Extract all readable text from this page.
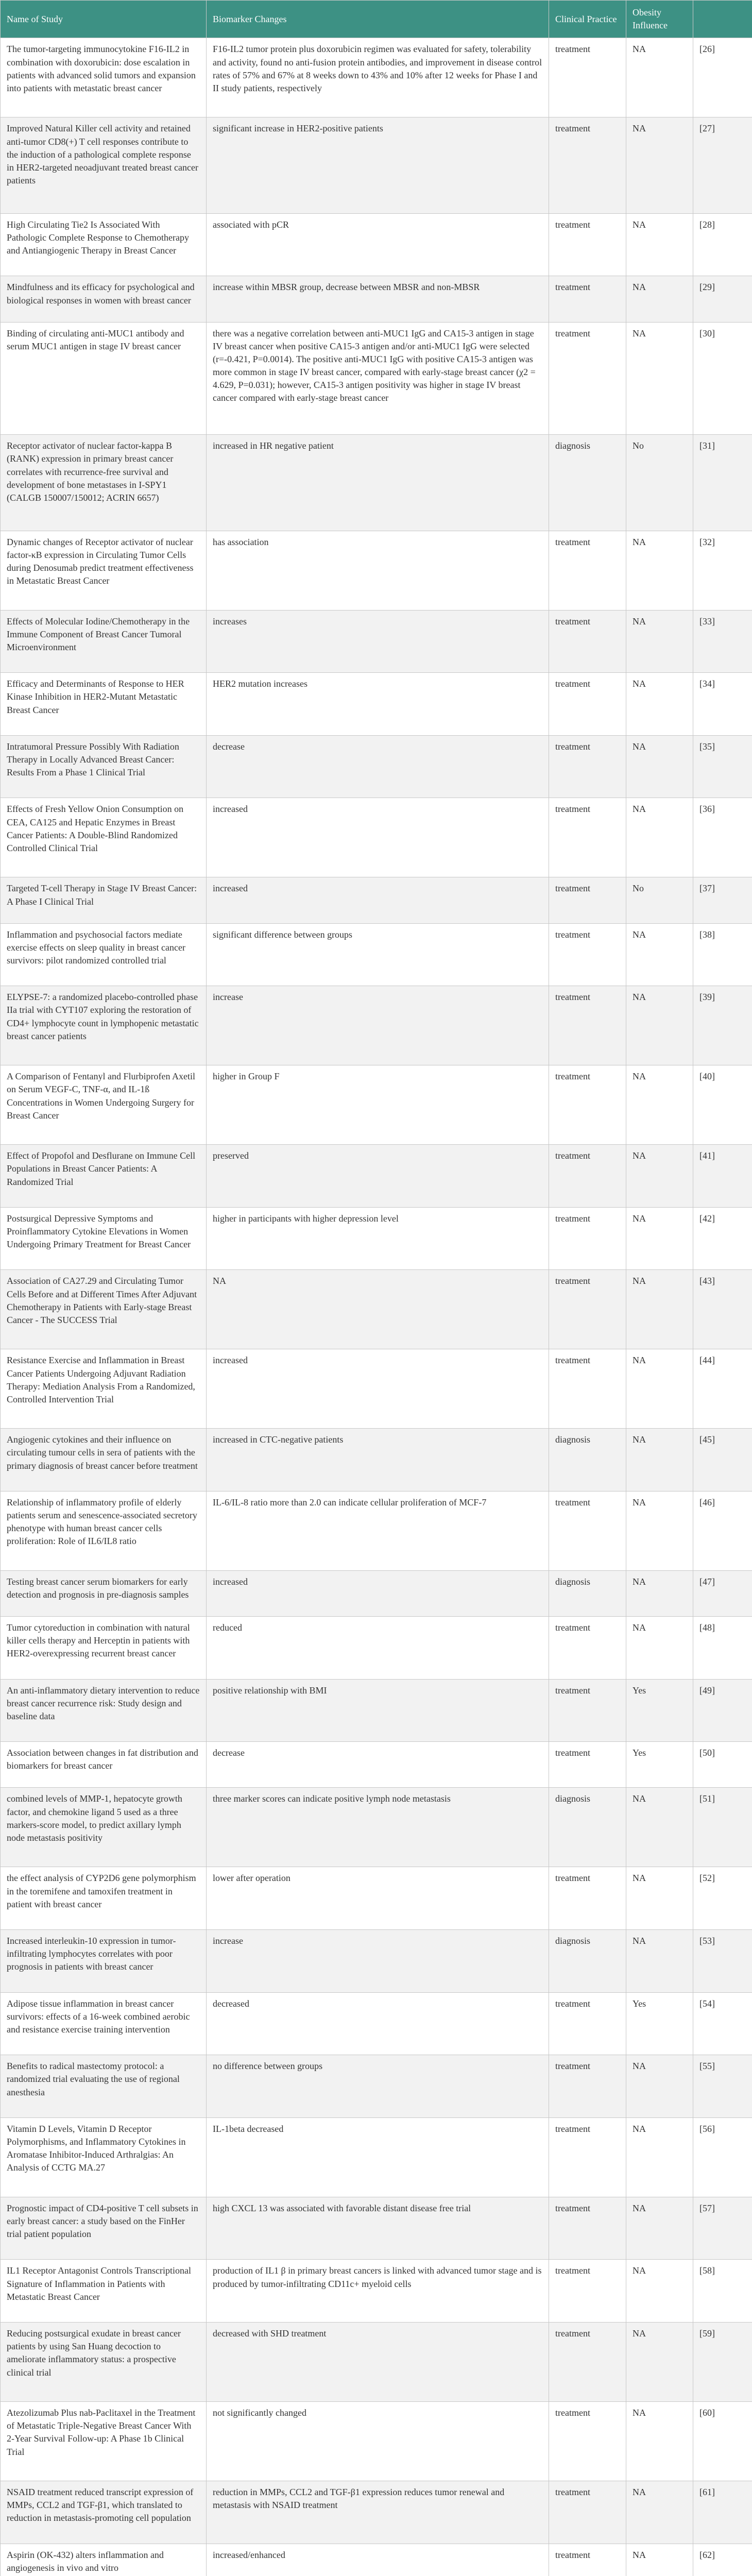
Name of Study	Biomarker Changes	Clinical Practice	Obesity Influence	
The tumor-targeting immunocytokine F16-IL2 in combination with doxorubicin: dose escalation in patients with advanced solid tumors and expansion into patients with metastatic breast cancer	F16-IL2 tumor protein plus doxorubicin regimen was evaluated for safety, tolerability and activity, found no anti-fusion protein antibodies, and improvement in disease control rates of 57% and 67% at 8 weeks down to 43% and 10% after 12 weeks for Phase I and II study patients, respectively	treatment	NA	[26]
Improved Natural Killer cell activity and retained anti-tumor CD8(+) T cell responses contribute to the induction of a pathological complete response in HER2-targeted neoadjuvant treated breast cancer patients	significant increase in HER2-positive patients	treatment	NA	[27]
High Circulating Tie2 Is Associated With Pathologic Complete Response to Chemotherapy and Antiangiogenic Therapy in Breast Cancer	associated with pCR	treatment	NA	[28]
Mindfulness and its efficacy for psychological and biological responses in women with breast cancer	increase within MBSR group, decrease between MBSR and non-MBSR	treatment	NA	[29]
Binding of circulating anti-MUC1 antibody and serum MUC1 antigen in stage IV breast cancer	there was a negative correlation between anti-MUC1 IgG and CA15-3 antigen in stage IV breast cancer when positive CA15-3 antigen and/or anti-MUC1 IgG were selected (r=-0.421, P=0.0014). The positive anti-MUC1 IgG with positive CA15-3 antigen was more common in stage IV breast cancer, compared with early-stage breast cancer (χ2 = 4.629, P=0.031); however, CA15-3 antigen positivity was higher in stage IV breast cancer compared with early-stage breast cancer	treatment	NA	[30]
Receptor activator of nuclear factor-kappa B (RANK) expression in primary breast cancer correlates with recurrence-free survival and development of bone metastases in I-SPY1 (CALGB 150007/150012; ACRIN 6657)	increased in HR negative patient	diagnosis	No	[31]
Dynamic changes of Receptor activator of nuclear factor-κB expression in Circulating Tumor Cells during Denosumab predict treatment effectiveness in Metastatic Breast Cancer	has association	treatment	NA	[32]
Effects of Molecular Iodine/Chemotherapy in the Immune Component of Breast Cancer Tumoral Microenvironment	increases	treatment	NA	[33]
Efficacy and Determinants of Response to HER Kinase Inhibition in HER2-Mutant Metastatic Breast Cancer	HER2 mutation increases	treatment	NA	[34]
Intratumoral Pressure Possibly With Radiation Therapy in Locally Advanced Breast Cancer: Results From a Phase 1 Clinical Trial	decrease	treatment	NA	[35]
Effects of Fresh Yellow Onion Consumption on CEA, CA125 and Hepatic Enzymes in Breast Cancer Patients: A Double-Blind Randomized Controlled Clinical Trial	increased	treatment	NA	[36]
Targeted T-cell Therapy in Stage IV Breast Cancer: A Phase I Clinical Trial	increased	treatment	No	[37]
Inflammation and psychosocial factors mediate exercise effects on sleep quality in breast cancer survivors: pilot randomized controlled trial	significant difference between groups	treatment	NA	[38]
ELYPSE-7: a randomized placebo-controlled phase IIa trial with CYT107 exploring the restoration of CD4+ lymphocyte count in lymphopenic metastatic breast cancer patients	increase	treatment	NA	[39]
A Comparison of Fentanyl and Flurbiprofen Axetil on Serum VEGF-C, TNF-α, and IL-1ß Concentrations in Women Undergoing Surgery for Breast Cancer	higher in Group F	treatment	NA	[40]
Effect of Propofol and Desflurane on Immune Cell Populations in Breast Cancer Patients: A Randomized Trial	preserved	treatment	NA	[41]
Postsurgical Depressive Symptoms and Proinflammatory Cytokine Elevations in Women Undergoing Primary Treatment for Breast Cancer	higher in participants with higher depression level	treatment	NA	[42]
Association of CA27.29 and Circulating Tumor Cells Before and at Different Times After Adjuvant Chemotherapy in Patients with Early-stage Breast Cancer - The SUCCESS Trial	NA	treatment	NA	[43]
Resistance Exercise and Inflammation in Breast Cancer Patients Undergoing Adjuvant Radiation Therapy: Mediation Analysis From a Randomized, Controlled Intervention Trial	increased	treatment	NA	[44]
Angiogenic cytokines and their influence on circulating tumour cells in sera of patients with the primary diagnosis of breast cancer before treatment	increased in CTC-negative patients	diagnosis	NA	[45]
Relationship of inflammatory profile of elderly patients serum and senescence-associated secretory phenotype with human breast cancer cells proliferation: Role of IL6/IL8 ratio	IL-6/IL-8 ratio more than 2.0 can indicate cellular proliferation of MCF-7	treatment	NA	[46]
Testing breast cancer serum biomarkers for early detection and prognosis in pre-diagnosis samples	increased	diagnosis	NA	[47]
Tumor cytoreduction in combination with natural killer cells therapy and Herceptin in patients with HER2-overexpressing recurrent breast cancer	reduced	treatment	NA	[48]
An anti-inflammatory dietary intervention to reduce breast cancer recurrence risk: Study design and baseline data	positive relationship with BMI	treatment	Yes	[49]
Association between changes in fat distribution and biomarkers for breast cancer	decrease	treatment	Yes	[50]
combined levels of MMP-1, hepatocyte growth factor, and chemokine ligand 5 used as a three markers-score model, to predict axillary lymph node metastasis positivity	three marker scores can indicate positive lymph node metastasis	diagnosis	NA	[51]
the effect analysis of CYP2D6 gene polymorphism in the toremifene and tamoxifen treatment in patient with breast cancer	lower after operation	treatment	NA	[52]
Increased interleukin-10 expression in tumor-infiltrating lymphocytes correlates with poor prognosis in patients with breast cancer	increase	diagnosis	NA	[53]
Adipose tissue inflammation in breast cancer survivors: effects of a 16-week combined aerobic and resistance exercise training intervention	decreased	treatment	Yes	[54]
Benefits to radical mastectomy protocol: a randomized trial evaluating the use of regional anesthesia	no difference between groups	treatment	NA	[55]
Vitamin D Levels, Vitamin D Receptor Polymorphisms, and Inflammatory Cytokines in Aromatase Inhibitor-Induced Arthralgias: An Analysis of CCTG MA.27	IL-1beta decreased	treatment	NA	[56]
Prognostic impact of CD4-positive T cell subsets in early breast cancer: a study based on the FinHer trial patient population	high CXCL 13 was associated with favorable distant disease free trial	treatment	NA	[57]
IL1 Receptor Antagonist Controls Transcriptional Signature of Inflammation in Patients with Metastatic Breast Cancer	production of IL1 β in primary breast cancers is linked with advanced tumor stage and is produced by tumor-infiltrating CD11c+ myeloid cells	treatment	NA	[58]
Reducing postsurgical exudate in breast cancer patients by using San Huang decoction to ameliorate inflammatory status: a prospective clinical trial	decreased with SHD treatment	treatment	NA	[59]
Atezolizumab Plus nab-Paclitaxel in the Treatment of Metastatic Triple-Negative Breast Cancer With 2-Year Survival Follow-up: A Phase 1b Clinical Trial	not significantly changed	treatment	NA	[60]
NSAID treatment reduced transcript expression of MMPs, CCL2 and TGF-β1, which translated to reduction in metastasis-promoting cell population	reduction in MMPs, CCL2 and TGF-β1 expression reduces tumor renewal and metastasis with NSAID treatment	treatment	NA	[61]
Aspirin (OK-432) alters inflammation and angiogenesis in vivo and vitro	increased/enhanced	treatment	NA	[62]
